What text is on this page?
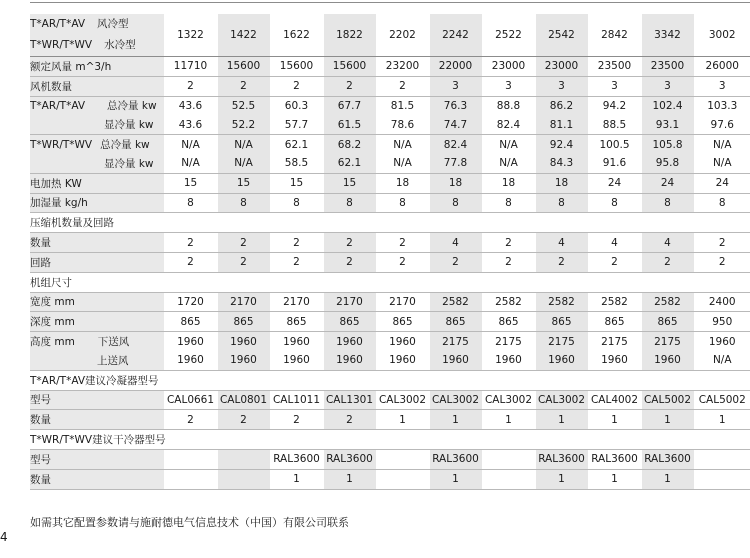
T*AR/T*AV 风冷型
T*WR/T*WV 水冷型	1322	1422	1622	1822	2202	2242	2522	2542	2842	3342	3002
额定风量 m^3/h	11710	15600	15600	15600	23200	22000	23000	23000	23500	23500	26000
风机数量	2	2	2	2	2	3	3	3	3	3	3
T*AR/T*AV 总冷量 kw	43.6	52.5	60.3	67.7	81.5	76.3	88.8	86.2	94.2	102.4	103.3
显冷量 kw	43.6	52.2	57.7	61.5	78.6	74.7	82.4	81.1	88.5	93.1	97.6
T*WR/T*WV 总冷量 kw	N/A	N/A	62.1	68.2	N/A	82.4	N/A	92.4	100.5	105.8	N/A
显冷量 kw	N/A	N/A	58.5	62.1	N/A	77.8	N/A	84.3	91.6	95.8	N/A
电加热 KW	15	15	15	15	18	18	18	18	24	24	24
加湿量 kg/h	8	8	8	8	8	8	8	8	8	8	8
压缩机数量及回路											
数量	2	2	2	2	2	4	2	4	4	4	2
回路	2	2	2	2	2	2	2	2	2	2	2
机组尺寸											
宽度 mm	1720	2170	2170	2170	2170	2582	2582	2582	2582	2582	2400
深度 mm	865	865	865	865	865	865	865	865	865	865	950
高度 mm 下送风	1960	1960	1960	1960	1960	2175	2175	2175	2175	2175	1960
上送风	1960	1960	1960	1960	1960	1960	1960	1960	1960	1960	N/A
T*AR/T*AV建议冷凝器型号											
型号	CAL0661	CAL0801	CAL1011	CAL1301	CAL3002	CAL3002	CAL3002	CAL3002	CAL4002	CAL5002	CAL5002
数量	2	2	2	2	1	1	1	1	1	1	1
T*WR/T*WV建议干冷器型号											
型号			RAL3600	RAL3600		RAL3600		RAL3600	RAL3600	RAL3600	
数量			1	1		1		1	1	1	
如需其它配置参数请与施耐德电气信息技术（中国）有限公司联系
4
